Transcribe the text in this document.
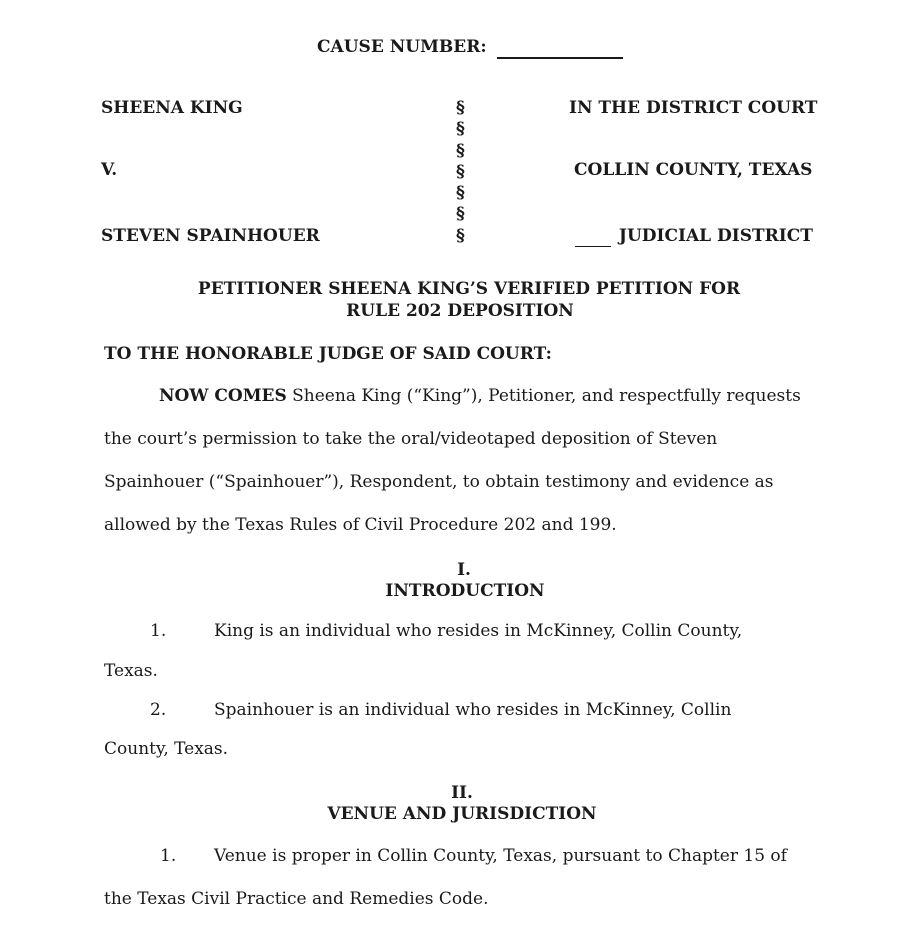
CAUSE NUMBER:
SHEENA KING
V.
STEVEN SPAINHOUER
§
§
§
§
§
§
§
IN THE DISTRICT COURT
COLLIN COUNTY, TEXAS
JUDICIAL DISTRICT
PETITIONER SHEENA KING’S VERIFIED PETITION FOR
RULE 202 DEPOSITION
TO THE HONORABLE JUDGE OF SAID COURT:
NOW COMES Sheena King (“King”), Petitioner, and respectfully requests
the court’s permission to take the oral/videotaped deposition of Steven
Spainhouer (“Spainhouer”), Respondent, to obtain testimony and evidence as
allowed by the Texas Rules of Civil Procedure 202 and 199.
I.
INTRODUCTION
1.	King is an individual who resides in McKinney, Collin County,
Texas.
2.	Spainhouer is an individual who resides in McKinney, Collin
County, Texas.
II.
VENUE AND JURISDICTION
1. Venue is proper in Collin County, Texas, pursuant to Chapter 15 of
the Texas Civil Practice and Remedies Code.
